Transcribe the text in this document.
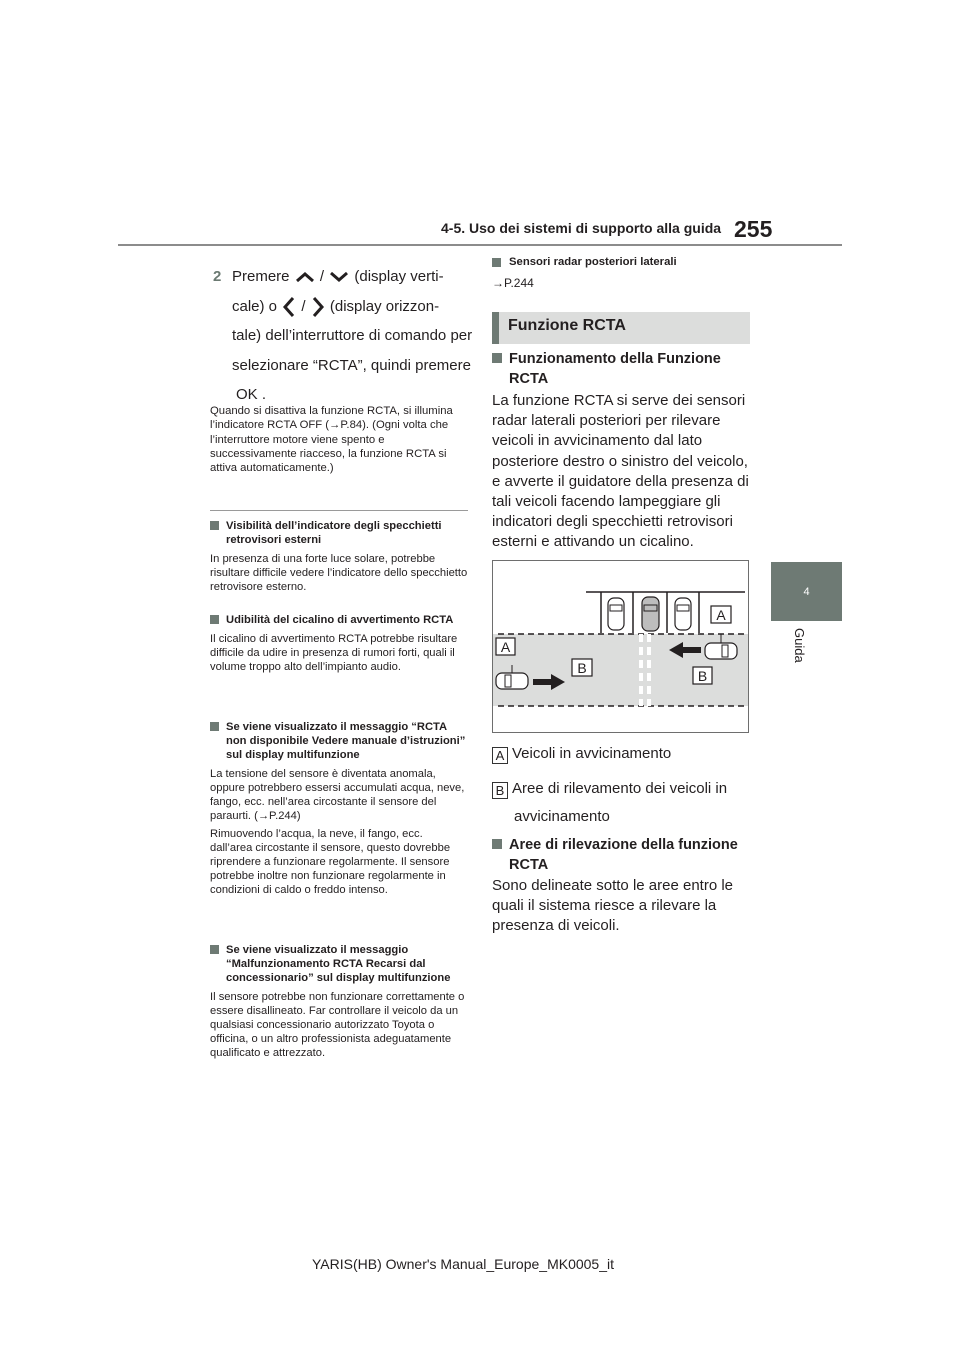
4-5. Uso dei sistemi di supporto alla guida 255
4
Guida
2 Premere / (display verti-
cale) o / (display orizzon-
tale) dell’interruttore di comando per
selezionare “RCTA”, quindi premere
OK .
Quando si disattiva la funzione RCTA, si illumina l’indicatore RCTA OFF (→P.84). (Ogni volta che l’interruttore motore viene spento e successivamente riacceso, la funzione RCTA si attiva automaticamente.)
Visibilità dell’indicatore degli specchietti retrovisori esterni

In presenza di una forte luce solare, potrebbe risultare difficile vedere l’indicatore dello specchietto retrovisore esterno.

Udibilità del cicalino di avvertimento RCTA

Il cicalino di avvertimento RCTA potrebbe risultare difficile da udire in presenza di rumori forti, quali il volume troppo alto dell’impianto audio.

Se viene visualizzato il messaggio “RCTA non disponibile Vedere manuale d’istruzioni” sul display multifunzione

La tensione del sensore è diventata anomala, oppure potrebbero essersi accumulati acqua, neve, fango, ecc. nell’area circostante il sensore del paraurti. (→P.244)

Rimuovendo l’acqua, la neve, il fango, ecc. dall’area circostante il sensore, questo dovrebbe riprendere a funzionare regolarmente. Il sensore potrebbe inoltre non funzionare regolarmente in condizioni di caldo o freddo intenso.

Se viene visualizzato il messaggio “Malfunzionamento RCTA Recarsi dal concessionario” sul display multifunzione

Il sensore potrebbe non funzionare correttamente o essere disallineato. Far controllare il veicolo da un qualsiasi concessionario autorizzato Toyota o officina, o un altro professionista adeguatamente qualificato e attrezzato.

Sensori radar posteriori laterali
→P.244
Funzione RCTA
Funzionamento della Funzione RCTA
La funzione RCTA si serve dei sensori radar laterali posteriori per rilevare veicoli in avvicinamento dal lato posteriore destro o sinistro del veicolo, e avverte il guidatore della presenza di tali veicoli facendo lampeggiare gli indicatori degli specchietti retrovisori esterni e attivando un cicalino.
A
B
A
B
A Veicoli in avvicinamento
B Aree di rilevamento dei veicoli in
avvicinamento
Aree di rilevazione della funzione RCTA
Sono delineate sotto le aree entro le quali il sistema riesce a rilevare la presenza di veicoli.
YARIS(HB) Owner's Manual_Europe_MK0005_it
